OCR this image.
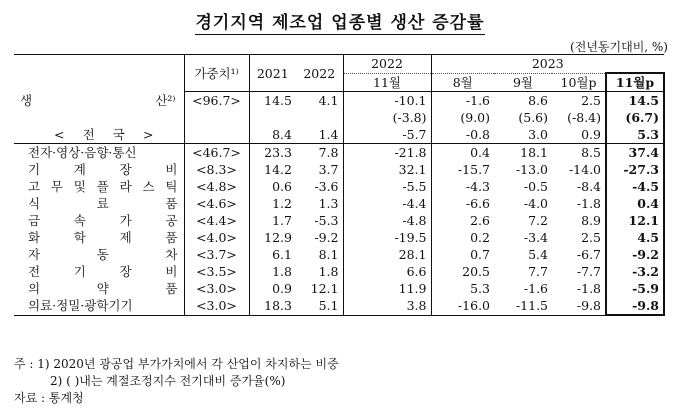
경기지역 제조업 업종별 생산 증감률
(전년동기대비, %)
	가중치¹⁾	2021	2022	2022	2023			
				11월	8월	9월	10월p	11월p
생 산²⁾	<96.7>	14.5	4.1	-10.1	-1.6	8.6	2.5	14.5
				(-3.8)	(9.0)	(5.6)	(-8.4)	(6.7)
< 전 국 >		8.4	1.4	-5.7	-0.8	3.0	0.9	5.3
전자·영상·음향·통신	<46.7>	23.3	7.8	-21.8	0.4	18.1	8.5	37.4
기 계 장 비	<8.3>	14.2	3.7	32.1	-15.7	-13.0	-14.0	-27.3
고 무 및 플 라 스 틱	<4.8>	0.6	-3.6	-5.5	-4.3	-0.5	-8.4	-4.5
식 료 품	<4.6>	1.2	1.3	-4.4	-6.6	-4.0	-1.8	0.4
금 속 가 공	<4.4>	1.7	-5.3	-4.8	2.6	7.2	8.9	12.1
화 학 제 품	<4.0>	12.9	-9.2	-19.5	0.2	-3.4	2.5	4.5
자 동 차	<3.7>	6.1	8.1	28.1	0.7	5.4	-6.7	-9.2
전 기 장 비	<3.5>	1.8	1.8	6.6	20.5	7.7	-7.7	-3.2
의 약 품	<3.0>	0.9	12.1	11.9	5.3	-1.6	-1.8	-5.9
의료·정밀·광학기기	<3.0>	18.3	5.1	3.8	-16.0	-11.5	-9.8	-9.8
주 : 1) 2020년 광공업 부가가치에서 각 산업이 차지하는 비중
2) ( )내는 계절조정지수 전기대비 증가율(%)
자료 : 통계청
